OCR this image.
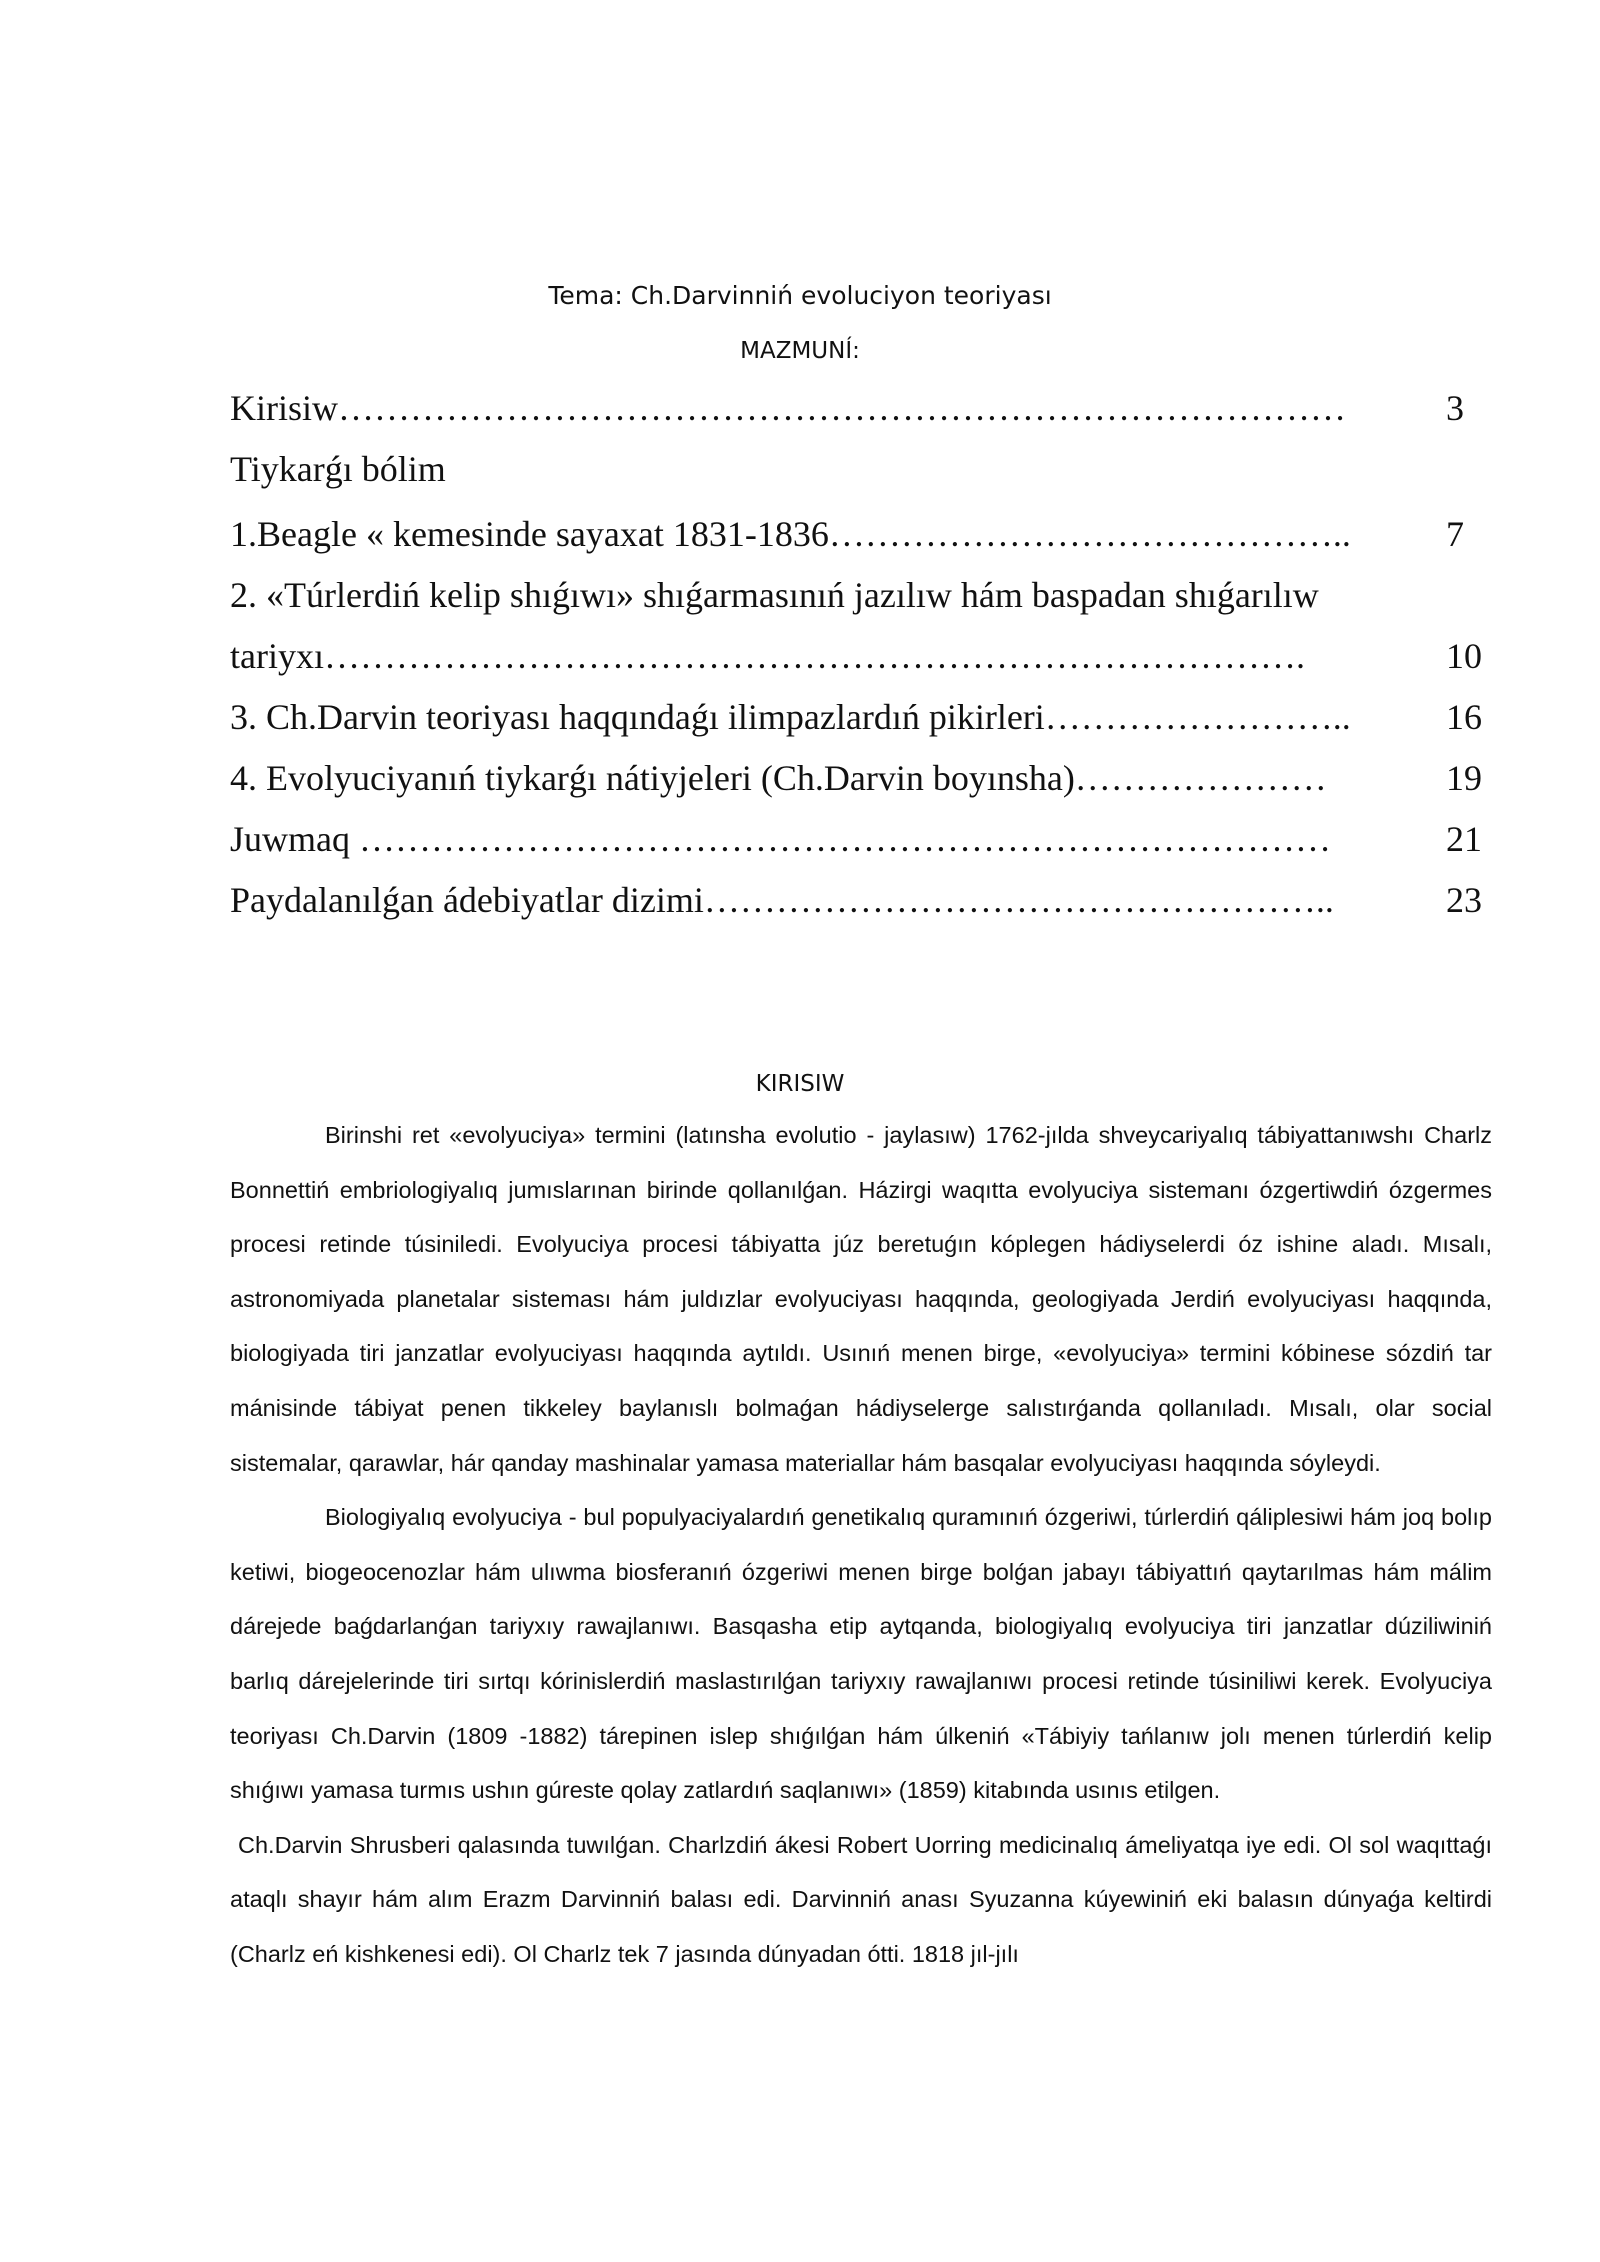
Tema: Ch.Darvinniń evoluciyon teoriyası
MAZMUNÍ:
Kirisiw…………………………………………………………………………	3
Tiykarǵı bólim
1.Beagle « kemesinde sayaxat 1831-1836……………………………………..	7
2. «Túrlerdiń kelip shıǵıwı» shıǵarmasınıń jazılıw hám baspadan shıǵarılıw
tariyxı……………………………………………………………………….	10
3. Ch.Darvin teoriyası haqqındaǵı ilimpazlardıń pikirleri……………………..	16
4. Evolyuciyanıń tiykarǵı nátiyjeleri (Ch.Darvin boyınsha)…………………	19
Juwmaq ………………………………………………………………………	21
Paydalanılǵan ádebiyatlar dizimi……………………………………………..	23
KIRISIW

Birinshi ret «evolyuciya» termini (latınsha evolutio - jaylasıw) 1762-jılda shveycariyalıq tábiyattanıwshı Charlz Bonnettiń embriologiyalıq jumıslarınan birinde qollanılǵan. Házirgi waqıtta evolyuciya sistemanı ózgertiwdiń ózgermes procesi retinde túsiniledi. Evolyuciya procesi tábiyatta júz beretuǵın kóplegen hádiyselerdi óz ishine aladı. Mısalı, astronomiyada planetalar sisteması hám juldızlar evolyuciyası haqqında, geologiyada Jerdiń evolyuciyası haqqında, biologiyada tiri janzatlar evolyuciyası haqqında aytıldı. Usınıń menen birge, «evolyuciya» termini kóbinese sózdiń tar mánisinde tábiyat penen tikkeley baylanıslı bolmaǵan hádiyselerge salıstırǵanda qollanıladı. Mısalı, olar social sistemalar, qarawlar, hár qanday mashinalar yamasa materiallar hám basqalar evolyuciyası haqqında sóyleydi.

Biologiyalıq evolyuciya - bul populyaciyalardıń genetikalıq quramınıń ózgeriwi, túrlerdiń qáliplesiwi hám joq bolıp ketiwi, biogeocenozlar hám ulıwma biosferanıń ózgeriwi menen birge bolǵan jabayı tábiyattıń qaytarılmas hám málim dárejede baǵdarlanǵan tariyxıy rawajlanıwı. Basqasha etip aytqanda, biologiyalıq evolyuciya tiri janzatlar dúziliwiniń barlıq dárejelerinde tiri sırtqı kórinislerdiń maslastırılǵan tariyxıy rawajlanıwı procesi retinde túsiniliwi kerek. Evolyuciya teoriyası Ch.Darvin (1809 -1882) tárepinen islep shıǵılǵan hám úlkeniń «Tábiyiy tańlanıw jolı menen túrlerdiń kelip shıǵıwı yamasa turmıs ushın gúreste qolay zatlardıń saqlanıwı» (1859) kitabında usınıs etilgen.

Ch.Darvin Shrusberi qalasında tuwılǵan. Charlzdiń ákesi Robert Uorring medicinalıq ámeliyatqa iye edi. Ol sol waqıttaǵı ataqlı shayır hám alım Erazm Darvinniń balası edi. Darvinniń anası Syuzanna kúyewiniń eki balasın dúnyaǵa keltirdi (Charlz eń kishkenesi edi). Ol Charlz tek 7 jasında dúnyadan ótti. 1818 jıl-jılı
